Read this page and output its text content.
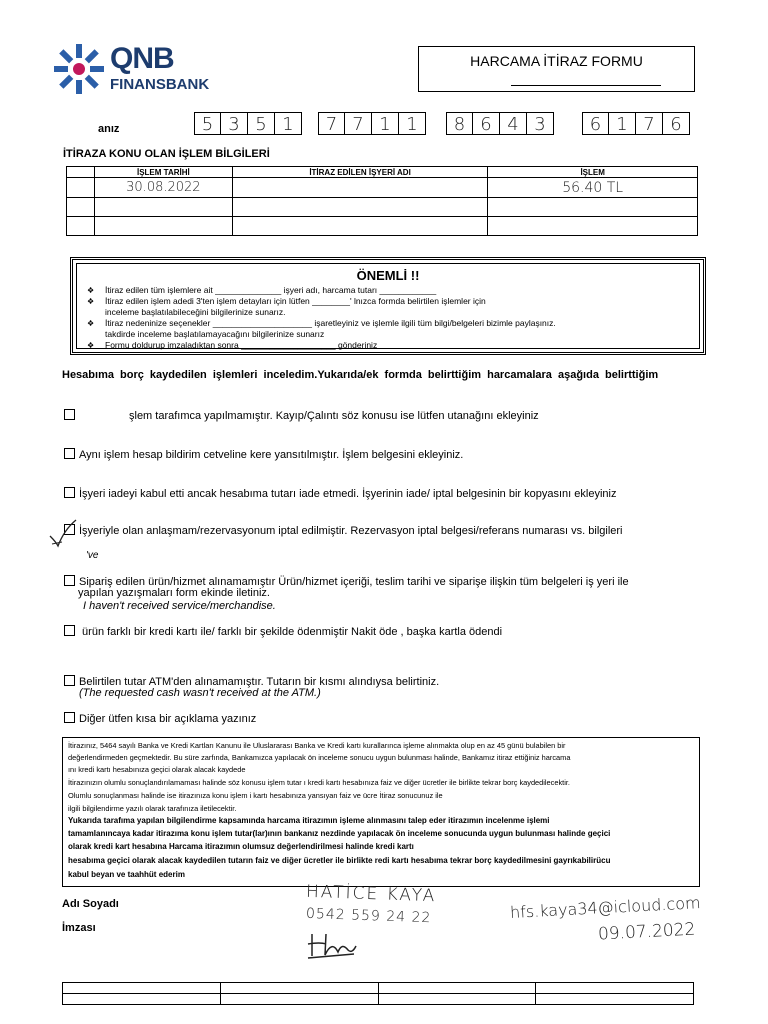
QNB
FINANSBANK
HARCAMA İTİRAZ FORMU
anız	5 3 5 1	7 7 1 1	8 6 4 3	6 1 7 6
İTİRAZA KONU OLAN İŞLEM BİLGİLERİ
	İŞLEM TARİHİ	İTİRAZ EDİLEN İŞYERİ ADI	İŞLEM
	30.08.2022		56.40 TL

ÖNEMLİ !!
❖ İtiraz edilen tüm işlemlere ait ______________ işyeri adı, harcama tutarı ____________
❖ İtiraz edilen işlem adedi 3'ten işlem detayları için lütfen ________' lnızca formda belirtilen işlemler için
inceleme başlatılabileceğini bilgilerinize sunarız.
❖ İtiraz nedeninize seçenekler _____________________ işaretleyiniz ve işlemle ilgili tüm bilgi/belgeleri bizimle paylaşınız.
takdirde inceleme başlatılamayacağını bilgilerinize sunarız
❖ Formu doldurup imzaladıktan sonra ____________________ gönderiniz
Hesabıma borç kaydedilen işlemleri inceledim.Yukarıda/ek formda belirttiğim harcamalara aşağıda belirttiğim
şlem tarafımca yapılmamıştır. Kayıp/Çalıntı söz konusu ise lütfen utanağını ekleyiniz
Aynı işlem hesap bildirim cetveline kere yansıtılmıştır. İşlem belgesini ekleyiniz.
İşyeri iadeyi kabul etti ancak hesabıma tutarı iade etmedi. İşyerinin iade/ iptal belgesinin bir kopyasını ekleyiniz
İşyeriyle olan anlaşmam/rezervasyonum iptal edilmiştir. Rezervasyon iptal belgesi/referans numarası vs. bilgileri
've
Sipariş edilen ürün/hizmet alınamamıştır Ürün/hizmet içeriği, teslim tarihi ve siparişe ilişkin tüm belgeleri iş yeri ile
yapılan yazışmaları form ekinde iletiniz.
I haven't received service/merchandise.
ürün farklı bir kredi kartı ile/ farklı bir şekilde ödenmiştir Nakit öde , başka kartla ödendi
Belirtilen tutar ATM'den alınamamıştır. Tutarın bir kısmı alındıysa belirtiniz.
(The requested cash wasn't received at the ATM.)
Diğer ütfen kısa bir açıklama yazınız
İtirazınız, 5464 sayılı Banka ve Kredi Kartları Kanunu ile Uluslararası Banka ve Kredi kartı kurallarınca işleme alınmakta olup en az 45 günü bulabilen bir
değerlendirmeden geçmektedir. Bu süre zarfında, Bankamızca yapılacak ön inceleme sonucu uygun bulunması halinde, Bankamız itiraz ettiğiniz harcama
ını kredi kartı hesabınıza geçici olarak alacak kaydede
İtirazınızın olumlu sonuçlandırılamaması halinde söz konusu işlem tutar ı kredi kartı hesabınıza faiz ve diğer ücretler ile birlikte tekrar borç kaydedilecektir.
Olumlu sonuçlanması halinde ise itirazınıza konu işlem i kartı hesabınıza yansıyan faiz ve ücre İtiraz sonucunuz ile
ilgili bilgilendirme yazılı olarak tarafınıza iletilecektir.
Yukarıda tarafıma yapılan bilgilendirme kapsamında harcama itirazımın işleme alınmasını talep eder itirazımın incelenme işlemi
tamamlanıncaya kadar itirazıma konu işlem tutar(lar)ının bankanız nezdinde yapılacak ön inceleme sonucunda uygun bulunması halinde geçici
olarak kredi kart hesabına Harcama itirazımın olumsuz değerlendirilmesi halinde kredi kartı
hesabıma geçici olarak alacak kaydedilen tutarın faiz ve diğer ücretler ile birlikte redi kartı hesabıma tekrar borç kaydedilmesini gayrıkabilirücu
kabul beyan ve taahhüt ederim
Adı Soyadı
İmzası
HATİCE KAYA
0542 559 24 22	hfs.kaya34@icloud.com
09.07.2022
